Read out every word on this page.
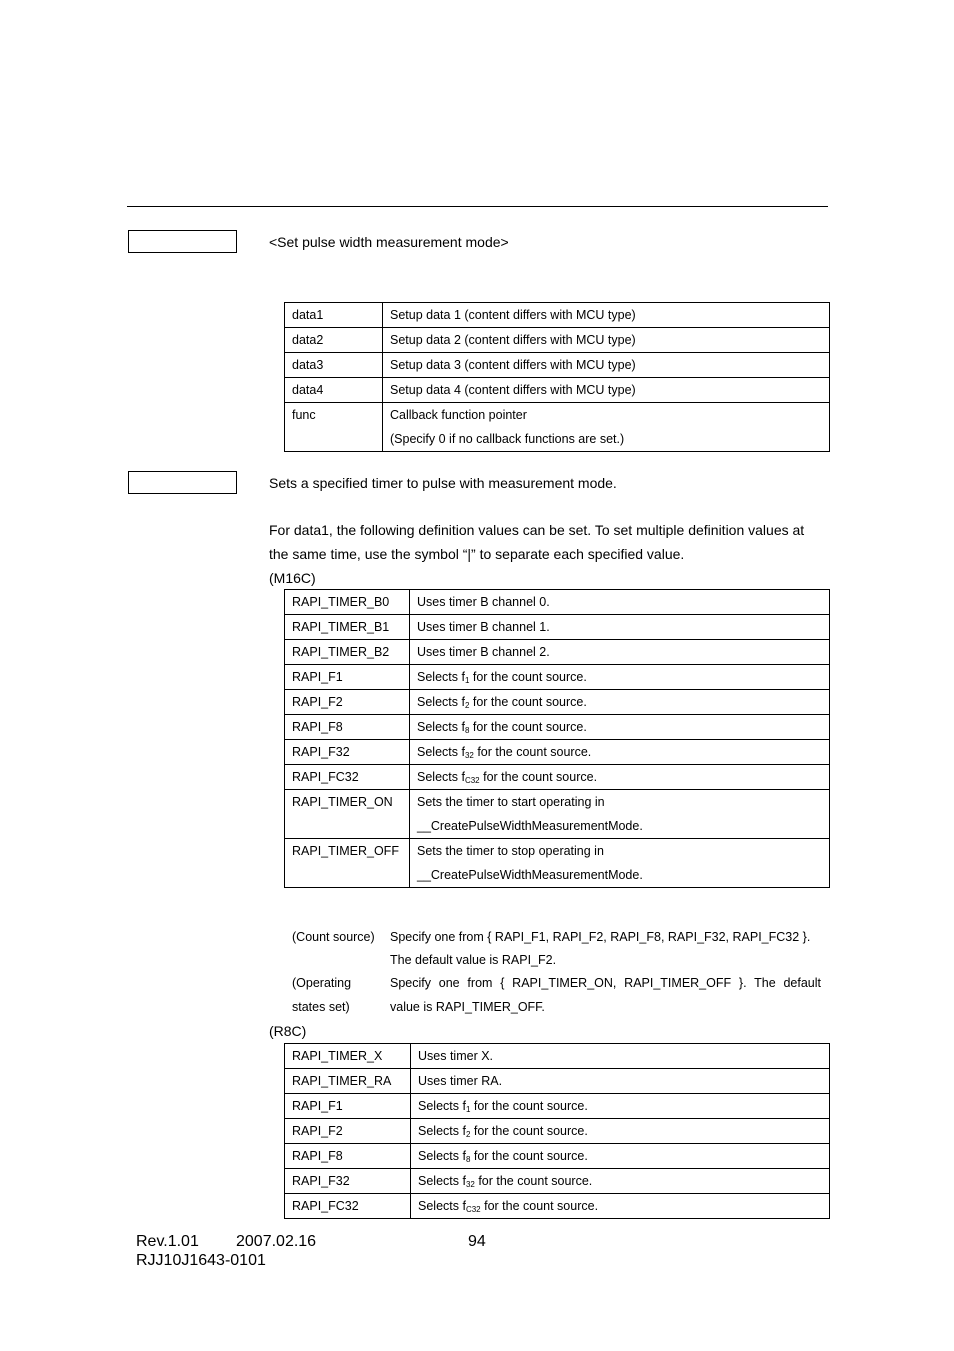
<Set pulse width measurement mode>
data1	Setup data 1 (content differs with MCU type)

data2	Setup data 2 (content differs with MCU type)

data3	Setup data 3 (content differs with MCU type)

data4	Setup data 4 (content differs with MCU type)

func	Callback function pointer
(Specify 0 if no callback functions are set.)
Sets a specified timer to pulse with measurement mode.
For data1, the following definition values can be set. To set multiple definition values at
the same time, use the symbol “|” to separate each specified value.
(M16C)
RAPI_TIMER_B0	Uses timer B channel 0.

RAPI_TIMER_B1	Uses timer B channel 1.

RAPI_TIMER_B2	Uses timer B channel 2.

RAPI_F1	Selects $f_1$ for the count source.

RAPI_F2	Selects $f_2$ for the count source.

RAPI_F8	Selects $f_8$ for the count source.

RAPI_F32	Selects $f_{32}$ for the count source.

RAPI_FC32	Selects $f_{C32}$ for the count source.

RAPI_TIMER_ON	Sets the timer to start operating in
__CreatePulseWidthMeasurementMode.

RAPI_TIMER_OFF	Sets the timer to stop operating in
__CreatePulseWidthMeasurementMode.
(Count source) Specify one from { RAPI_F1, RAPI_F2, RAPI_F8, RAPI_F32, RAPI_FC32 }.
The default value is RAPI_F2.
(Operating
states set)
Specify one from { RAPI_TIMER_ON, RAPI_TIMER_OFF }. The default
value is RAPI_TIMER_OFF.
(R8C)
RAPI_TIMER_X	Uses timer X.

RAPI_TIMER_RA	Uses timer RA.

RAPI_F1	Selects $f_1$ for the count source.

RAPI_F2	Selects $f_2$ for the count source.

RAPI_F8	Selects $f_8$ for the count source.

RAPI_F32	Selects $f_{32}$ for the count source.

RAPI_FC32	Selects $f_{C32}$ for the count source.
Rev.1.01 2007.02.16	94
RJJ10J1643-0101
